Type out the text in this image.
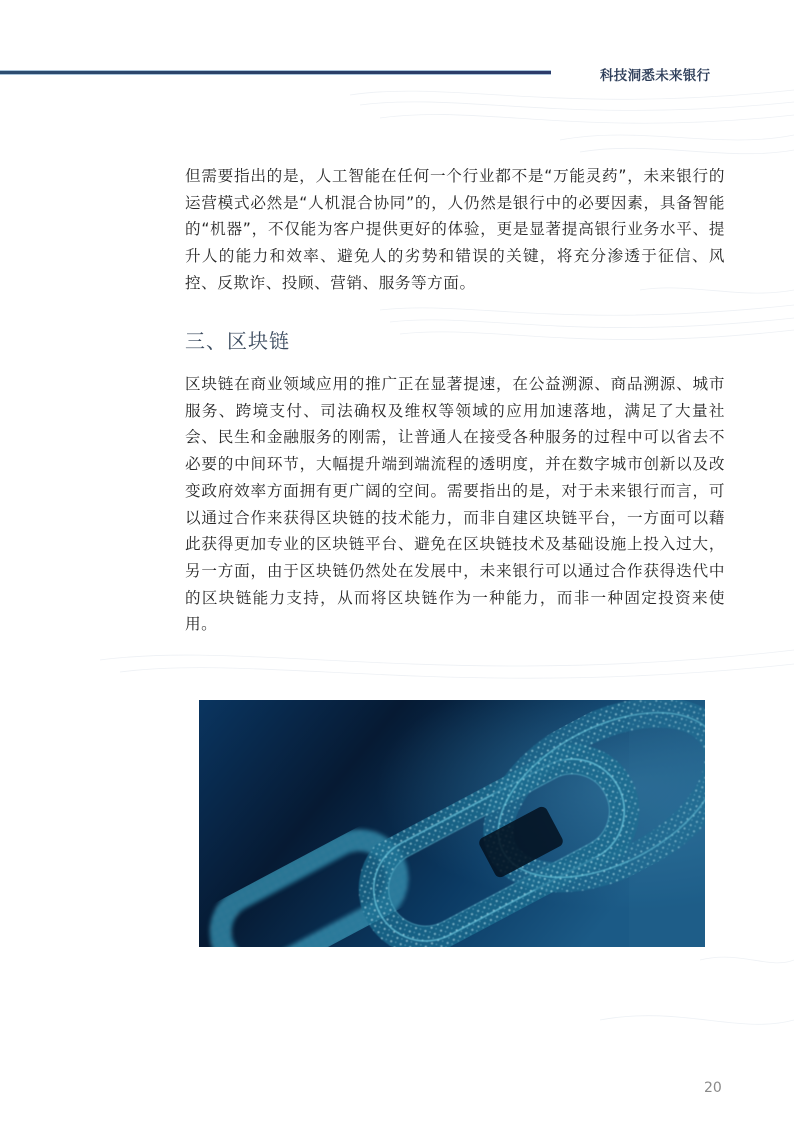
科技洞悉未来银行

但需要指出的是，人工智能在任何一个行业都不是“万能灵药”，未来银行的运营模式必然是“人机混合协同”的，人仍然是银行中的必要因素，具备智能的“机器”，不仅能为客户提供更好的体验，更是显著提高银行业务水平、提升人的能力和效率、避免人的劣势和错误的关键，将充分渗透于征信、风控、反欺诈、投顾、营销、服务等方面。

三、区块链

区块链在商业领域应用的推广正在显著提速，在公益溯源、商品溯源、城市服务、跨境支付、司法确权及维权等领域的应用加速落地，满足了大量社会、民生和金融服务的刚需，让普通人在接受各种服务的过程中可以省去不必要的中间环节，大幅提升端到端流程的透明度，并在数字城市创新以及改变政府效率方面拥有更广阔的空间。需要指出的是，对于未来银行而言，可以通过合作来获得区块链的技术能力，而非自建区块链平台，一方面可以藉此获得更加专业的区块链平台、避免在区块链技术及基础设施上投入过大，另一方面，由于区块链仍然处在发展中，未来银行可以通过合作获得迭代中的区块链能力支持，从而将区块链作为一种能力，而非一种固定投资来使用。

20
